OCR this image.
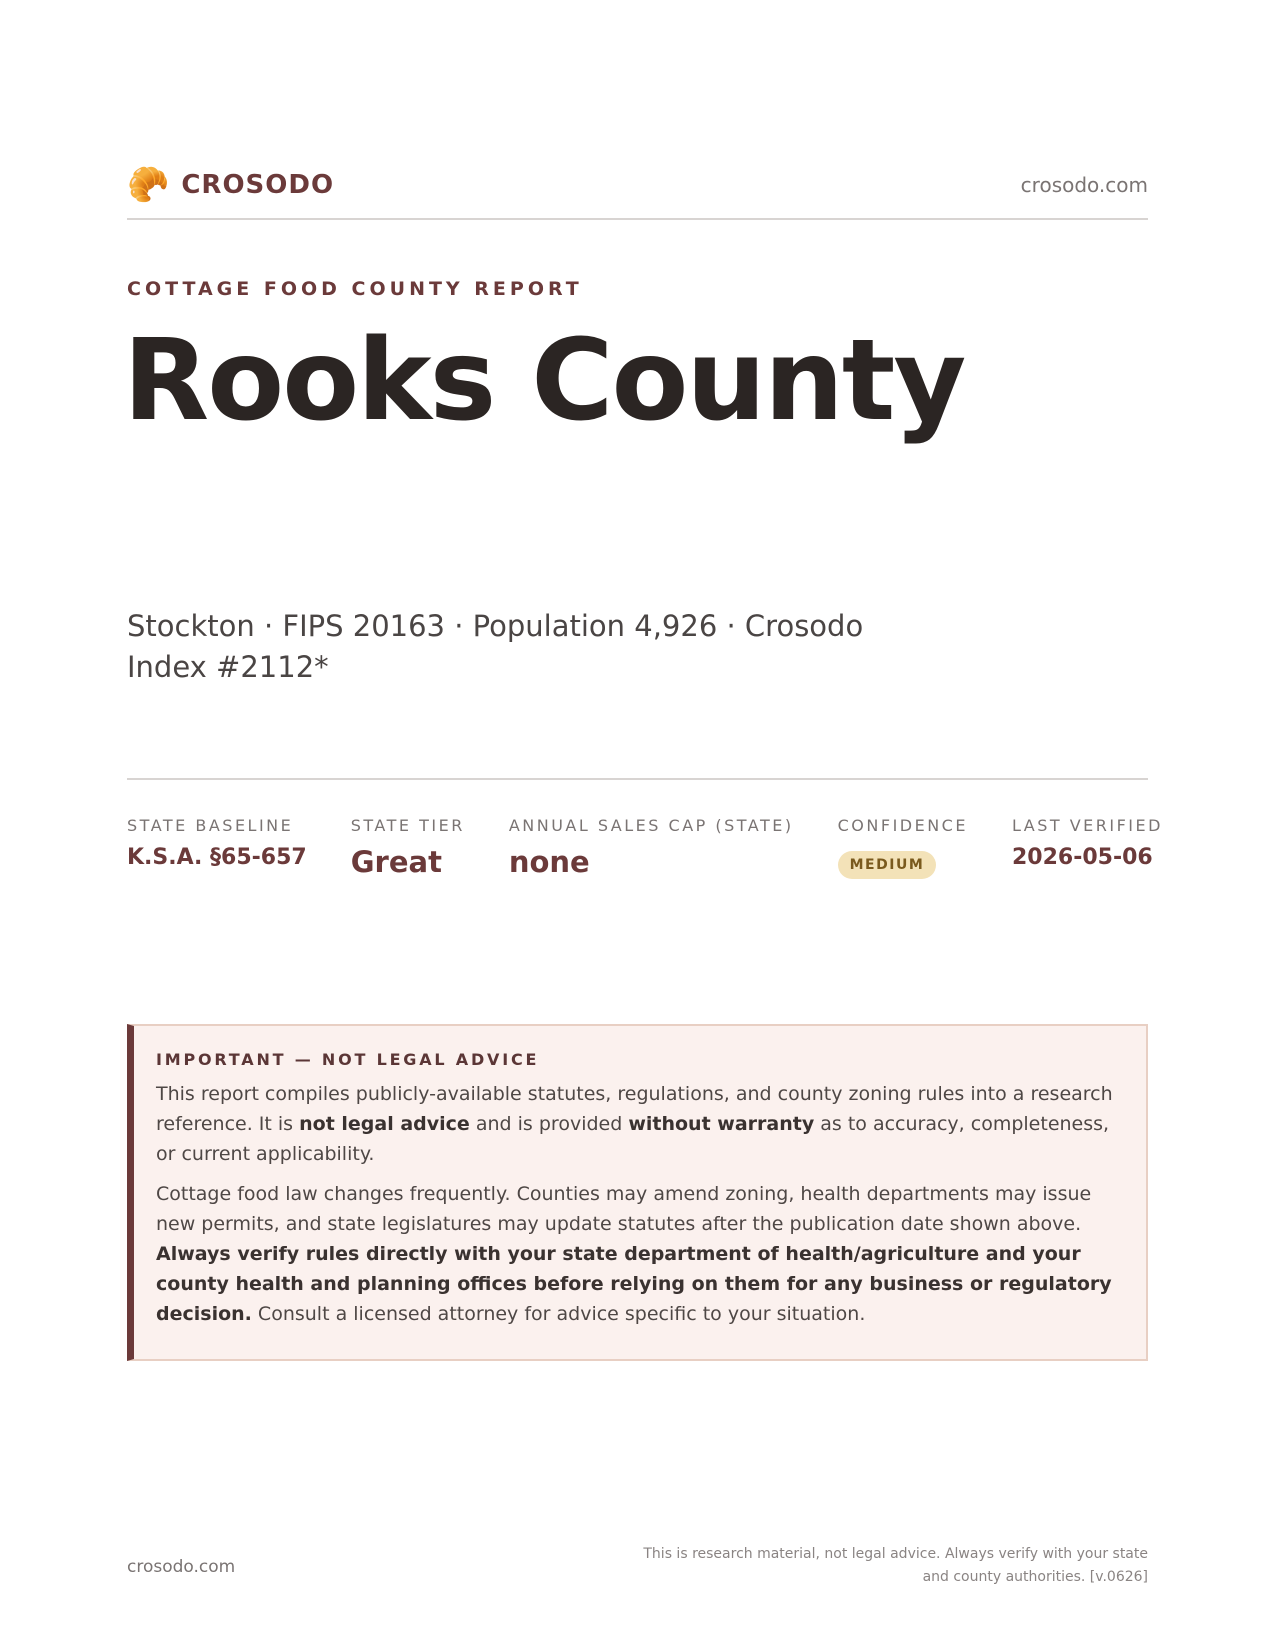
🥐 CROSODO	crosodo.com
COTTAGE FOOD COUNTY REPORT
Rooks County
Stockton · FIPS 20163 · Population 4,926 · Crosodo Index #2112*
STATE BASELINE
K.S.A. §65-657
STATE TIER
Great
ANNUAL SALES CAP (STATE)
none
CONFIDENCE
MEDIUM
LAST VERIFIED
2026-05-06
IMPORTANT — NOT LEGAL ADVICE

This report compiles publicly-available statutes, regulations, and county zoning rules into a research reference. It is not legal advice and is provided without warranty as to accuracy, completeness, or current applicability.

Cottage food law changes frequently. Counties may amend zoning, health departments may issue new permits, and state legislatures may update statutes after the publication date shown above. Always verify rules directly with your state department of health/agriculture and your county health and planning offices before relying on them for any business or regulatory decision. Consult a licensed attorney for advice specific to your situation.

crosodo.com
This is research material, not legal advice. Always verify with your state and county authorities. [v.0626]
